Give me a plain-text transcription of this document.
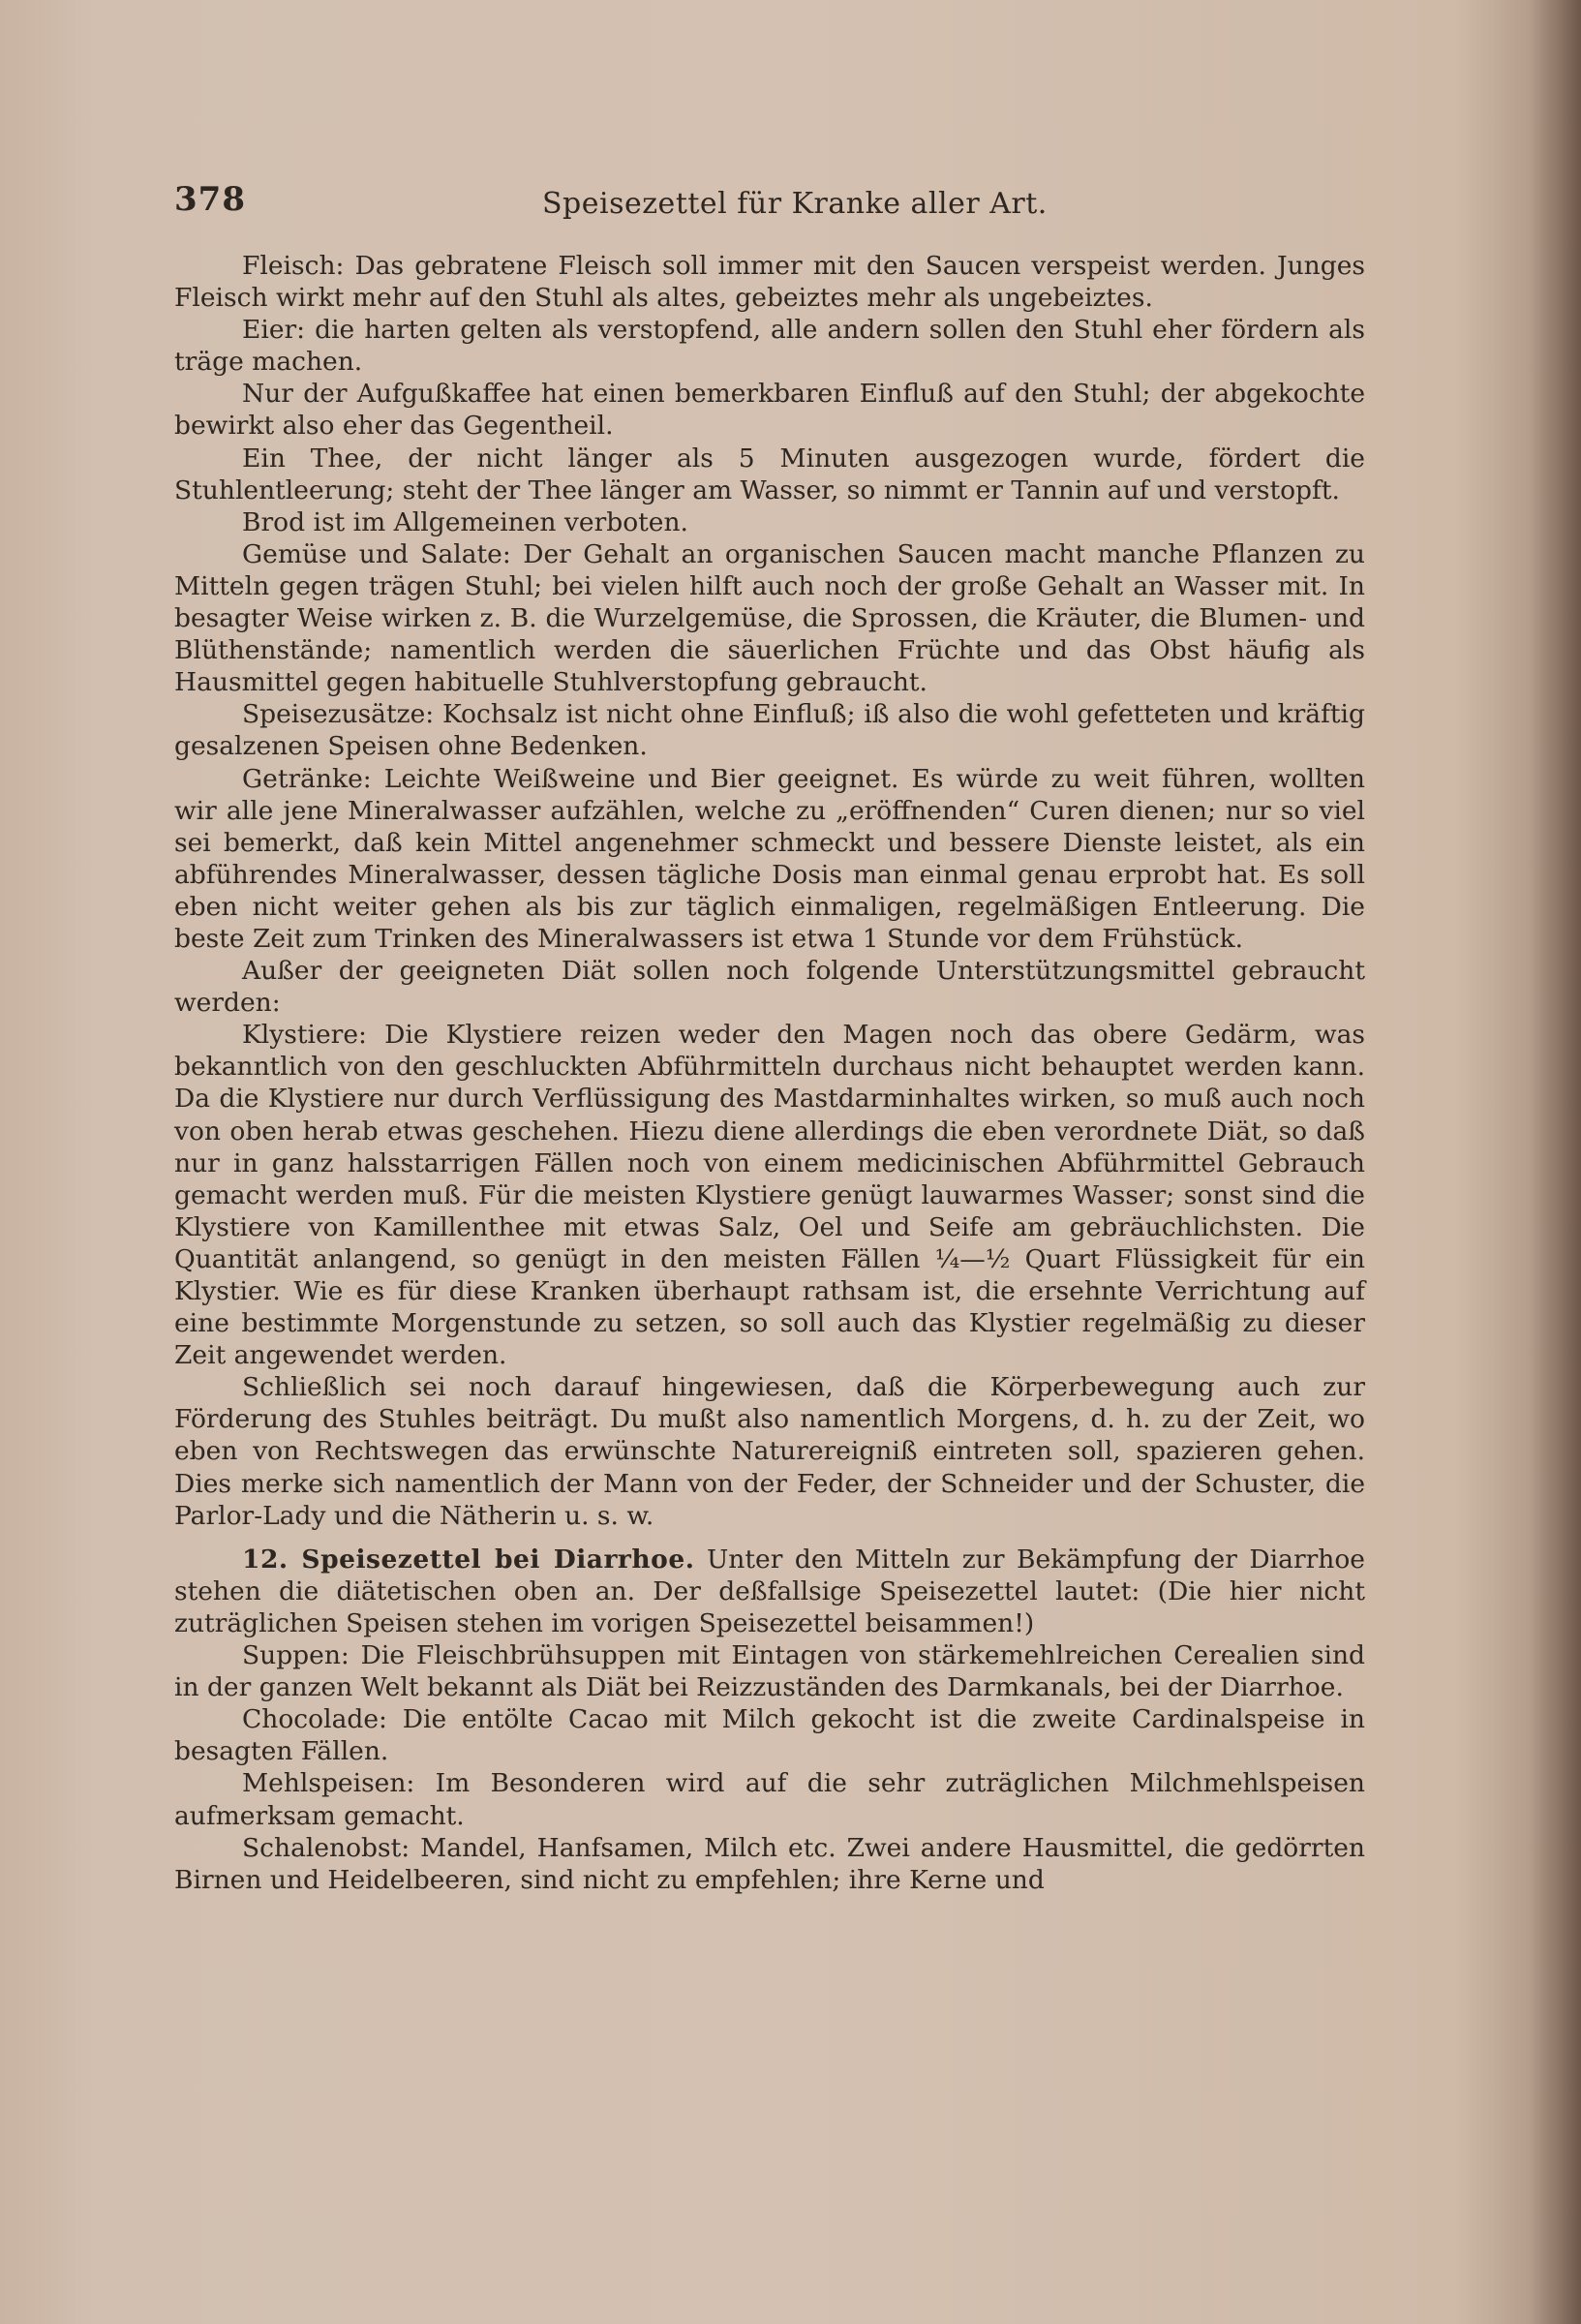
378	Speisezettel für Kranke aller Art.

Fleisch: Das gebratene Fleisch soll immer mit den Saucen verspeist werden. Junges Fleisch wirkt mehr auf den Stuhl als altes, gebeiztes mehr als ungebeiztes.

Eier: die harten gelten als verstopfend, alle andern sollen den Stuhl eher fördern als träge machen.

Nur der Aufgußkaffee hat einen bemerkbaren Einfluß auf den Stuhl; der abgekochte bewirkt also eher das Gegentheil.

Ein Thee, der nicht länger als 5 Minuten ausgezogen wurde, fördert die Stuhlentleerung; steht der Thee länger am Wasser, so nimmt er Tannin auf und verstopft.

Brod ist im Allgemeinen verboten.

Gemüse und Salate: Der Gehalt an organischen Saucen macht manche Pflanzen zu Mitteln gegen trägen Stuhl; bei vielen hilft auch noch der große Gehalt an Wasser mit. In besagter Weise wirken z. B. die Wurzelgemüse, die Sprossen, die Kräuter, die Blumen- und Blüthenstände; namentlich werden die säuerlichen Früchte und das Obst häufig als Hausmittel gegen habituelle Stuhlverstopfung gebraucht.

Speisezusätze: Kochsalz ist nicht ohne Einfluß; iß also die wohl gefetteten und kräftig gesalzenen Speisen ohne Bedenken.

Getränke: Leichte Weißweine und Bier geeignet. Es würde zu weit führen, wollten wir alle jene Mineralwasser aufzählen, welche zu „eröffnenden“ Curen dienen; nur so viel sei bemerkt, daß kein Mittel angenehmer schmeckt und bessere Dienste leistet, als ein abführendes Mineralwasser, dessen tägliche Dosis man einmal genau erprobt hat. Es soll eben nicht weiter gehen als bis zur täglich einmaligen, regelmäßigen Entleerung. Die beste Zeit zum Trinken des Mineralwassers ist etwa 1 Stunde vor dem Frühstück.

Außer der geeigneten Diät sollen noch folgende Unterstützungsmittel gebraucht werden:

Klystiere: Die Klystiere reizen weder den Magen noch das obere Gedärm, was bekanntlich von den geschluckten Abführmitteln durchaus nicht behauptet werden kann. Da die Klystiere nur durch Verflüssigung des Mastdarminhaltes wirken, so muß auch noch von oben herab etwas geschehen. Hiezu diene allerdings die eben verordnete Diät, so daß nur in ganz halsstarrigen Fällen noch von einem medicinischen Abführmittel Gebrauch gemacht werden muß. Für die meisten Klystiere genügt lauwarmes Wasser; sonst sind die Klystiere von Kamillenthee mit etwas Salz, Oel und Seife am gebräuchlichsten. Die Quantität anlangend, so genügt in den meisten Fällen ¼—½ Quart Flüssigkeit für ein Klystier. Wie es für diese Kranken überhaupt rathsam ist, die ersehnte Verrichtung auf eine bestimmte Morgenstunde zu setzen, so soll auch das Klystier regelmäßig zu dieser Zeit angewendet werden.

Schließlich sei noch darauf hingewiesen, daß die Körperbewegung auch zur Förderung des Stuhles beiträgt. Du mußt also namentlich Morgens, d. h. zu der Zeit, wo eben von Rechtswegen das erwünschte Naturereigniß eintreten soll, spazieren gehen. Dies merke sich namentlich der Mann von der Feder, der Schneider und der Schuster, die Parlor-Lady und die Nätherin u. s. w.

12. Speisezettel bei Diarrhoe. Unter den Mitteln zur Bekämpfung der Diarrhoe stehen die diätetischen oben an. Der deßfallsige Speisezettel lautet: (Die hier nicht zuträglichen Speisen stehen im vorigen Speisezettel beisammen!)

Suppen: Die Fleischbrühsuppen mit Eintagen von stärkemehlreichen Cerealien sind in der ganzen Welt bekannt als Diät bei Reizzuständen des Darmkanals, bei der Diarrhoe.

Chocolade: Die entölte Cacao mit Milch gekocht ist die zweite Cardinalspeise in besagten Fällen.

Mehlspeisen: Im Besonderen wird auf die sehr zuträglichen Milchmehlspeisen aufmerksam gemacht.

Schalenobst: Mandel, Hanfsamen, Milch etc. Zwei andere Hausmittel, die gedörrten Birnen und Heidelbeeren, sind nicht zu empfehlen; ihre Kerne und
